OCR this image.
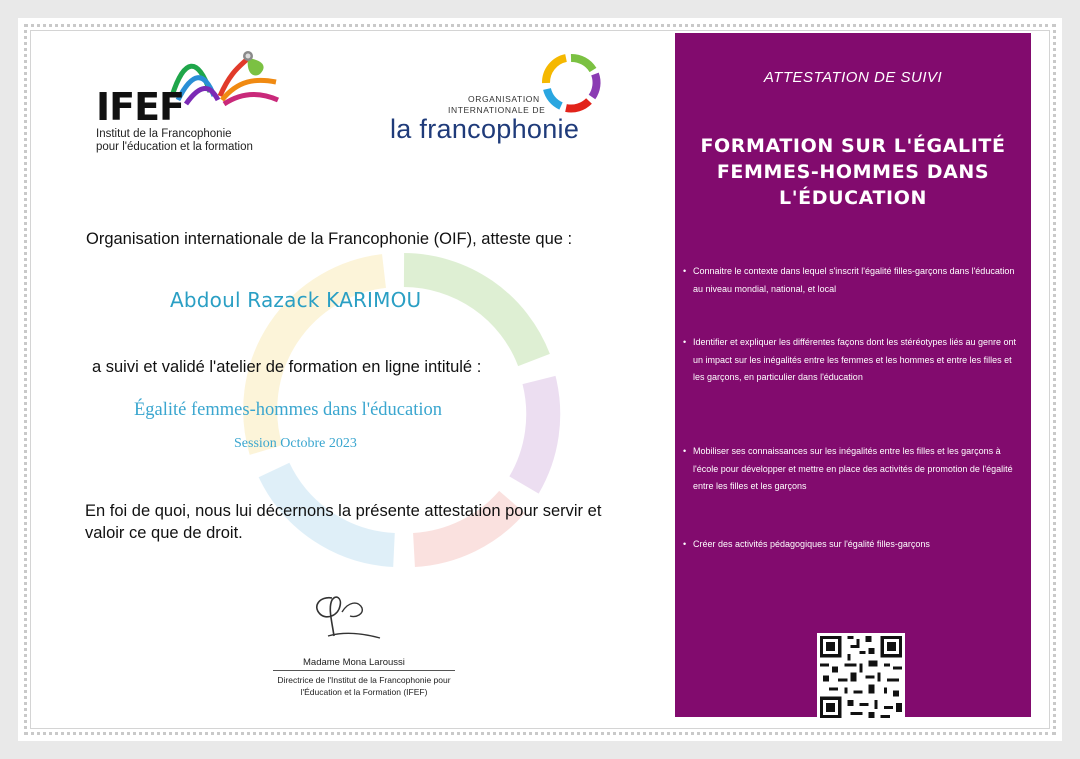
IFEF
Institut de la Francophonie
pour l'éducation et la formation
ORGANISATION
INTERNATIONALE DE
la francophonie
Organisation internationale de la Francophonie (OIF), atteste que :
Abdoul Razack KARIMOU
a suivi et validé l'atelier de formation en ligne intitulé :
Égalité femmes-hommes dans l'éducation
Session Octobre 2023
En foi de quoi, nous lui décernons la présente attestation pour servir et valoir ce que de droit.
Madame Mona Laroussi
Directrice de l'Institut de la Francophonie pour l'Éducation et la Formation (IFEF)
ATTESTATION DE SUIVI
FORMATION SUR L'ÉGALITÉ
FEMMES-HOMMES DANS
L'ÉDUCATION
• Connaitre le contexte dans lequel s'inscrit l'égalité filles-garçons dans l'éducation au niveau mondial, national, et local
• Identifier et expliquer les différentes façons dont les stéréotypes liés au genre ont un impact sur les inégalités entre les femmes et les hommes et entre les filles et les garçons, en particulier dans l'éducation
• Mobiliser ses connaissances sur les inégalités entre les filles et les garçons à l'école pour développer et mettre en place des activités de promotion de l'égalité entre les filles et les garçons
• Créer des activités pédagogiques sur l'égalité filles-garçons
